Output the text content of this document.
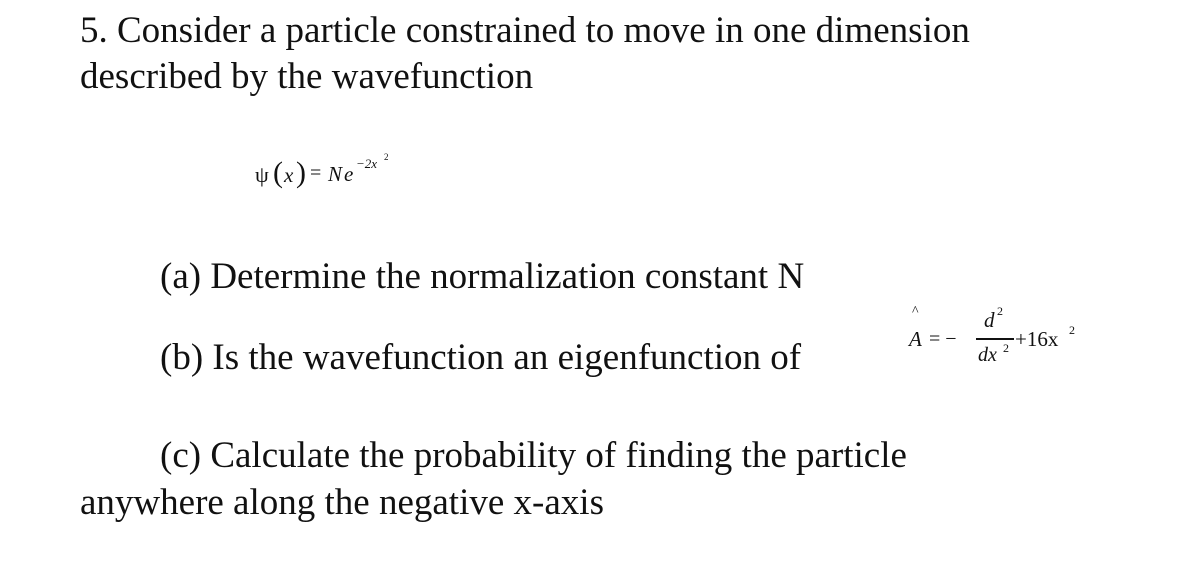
5. Consider a particle constrained to move in one dimension
described by the wavefunction
ψ ( x ) = N e −2x 2
(a) Determine the normalization constant N
(b) Is the wavefunction an eigenfunction of
^
A = −
d 2
dx 2 +16x 2
(c) Calculate the probability of finding the particle
anywhere along the negative x-axis
